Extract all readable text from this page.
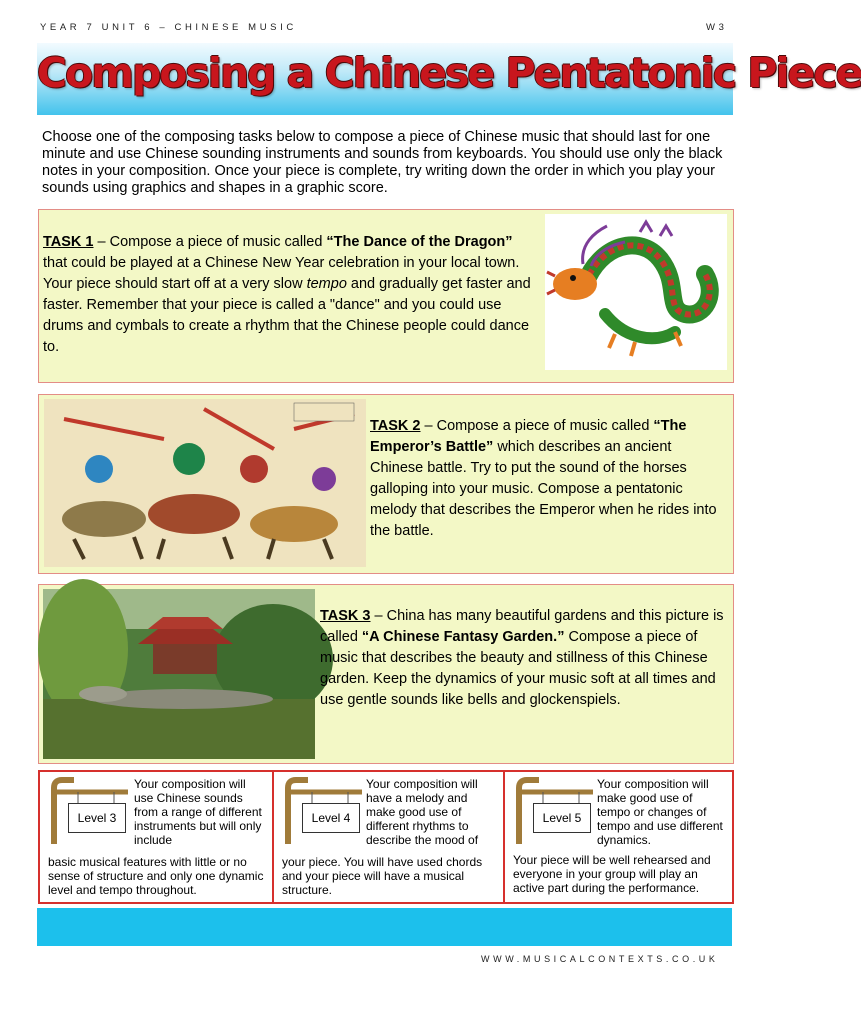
YEAR 7 UNIT 6 – CHINESE MUSIC	W3
Composing a Chinese Pentatonic Piece
Choose one of the composing tasks below to compose a piece of Chinese music that should last for one minute and use Chinese sounding instruments and sounds from keyboards. You should use only the black notes in your composition. Once your piece is complete, try writing down the order in which you play your sounds using graphics and shapes in a graphic score.
TASK 1 – Compose a piece of music called “The Dance of the Dragon” that could be played at a Chinese New Year celebration in your local town. Your piece should start off at a very slow tempo and gradually get faster and faster. Remember that your piece is called a "dance" and you could use drums and cymbals to create a rhythm that the Chinese people could dance to.
TASK 2 – Compose a piece of music called “The Emperor’s Battle” which describes an ancient Chinese battle. Try to put the sound of the horses galloping into your music. Compose a pentatonic melody that describes the Emperor when he rides into the battle.
TASK 3 – China has many beautiful gardens and this picture is called “A Chinese Fantasy Garden.” Compose a piece of music that describes the beauty and stillness of this Chinese garden. Keep the dynamics of your music soft at all times and use gentle sounds like bells and glockenspiels.
Level 3
Your composition will use Chinese sounds from a range of different instruments but will only include
basic musical features with little or no sense of structure and only one dynamic level and tempo throughout.
Level 4
Your composition will have a melody and make good use of different rhythms to describe the mood of
your piece. You will have used chords and your piece will have a musical structure.
Level 5
Your composition will make good use of tempo or changes of tempo and use different dynamics.
Your piece will be well rehearsed and everyone in your group will play an active part during the performance.
WWW.MUSICALCONTEXTS.CO.UK
